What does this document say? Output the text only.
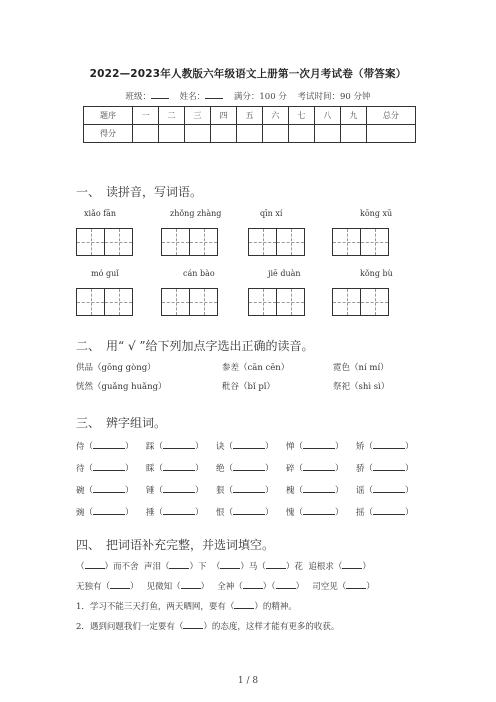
2022—2023年人教版六年级语文上册第一次月考试卷（带答案）
班级：	姓名：	满分：100 分 考试时间：90 分钟
题序	一	二	三	四	五	六	七	八	九	总分
得分										
一、 读拼音，写词语。
xiǎo fān	zhǒng zhàng	qīn xí	kōng xū
mó guǐ	cán bào	jiē duàn	kǒng bù
二、 用“ √ ”给下列加点字选出正确的读音。
供品（gōng gòng）	参差（cān cēn）	霓色（ní mí）
恍然（guǎng huǎng）	秕谷（bǐ pǐ）	祭祀（shì sì）
三、 辨字组词。
侍（	） 踩（	） 诀（	） 惮（	） 矫（	）
待（	） 睬（	） 绝（	） 碎（	） 骄（	）
碗（	） 锤（	） 狠（	） 槐（	） 谣（	）
豌（	） 捶（	） 恨（	） 愧（	） 摇（	）
四、 把词语补充完整，并选词填空。
（ ）而不舍 声泪（ ）下 （ ）马（ ）花 追根求（ ）
无独有（ ） 见微知（ ） 全神（ ）（ ） 司空见（ ）
1．学习不能三天打鱼，两天晒网，要有（ ）的精神。
2．遇到问题我们一定要有（ ）的态度，这样才能有更多的收获。
1 / 8
